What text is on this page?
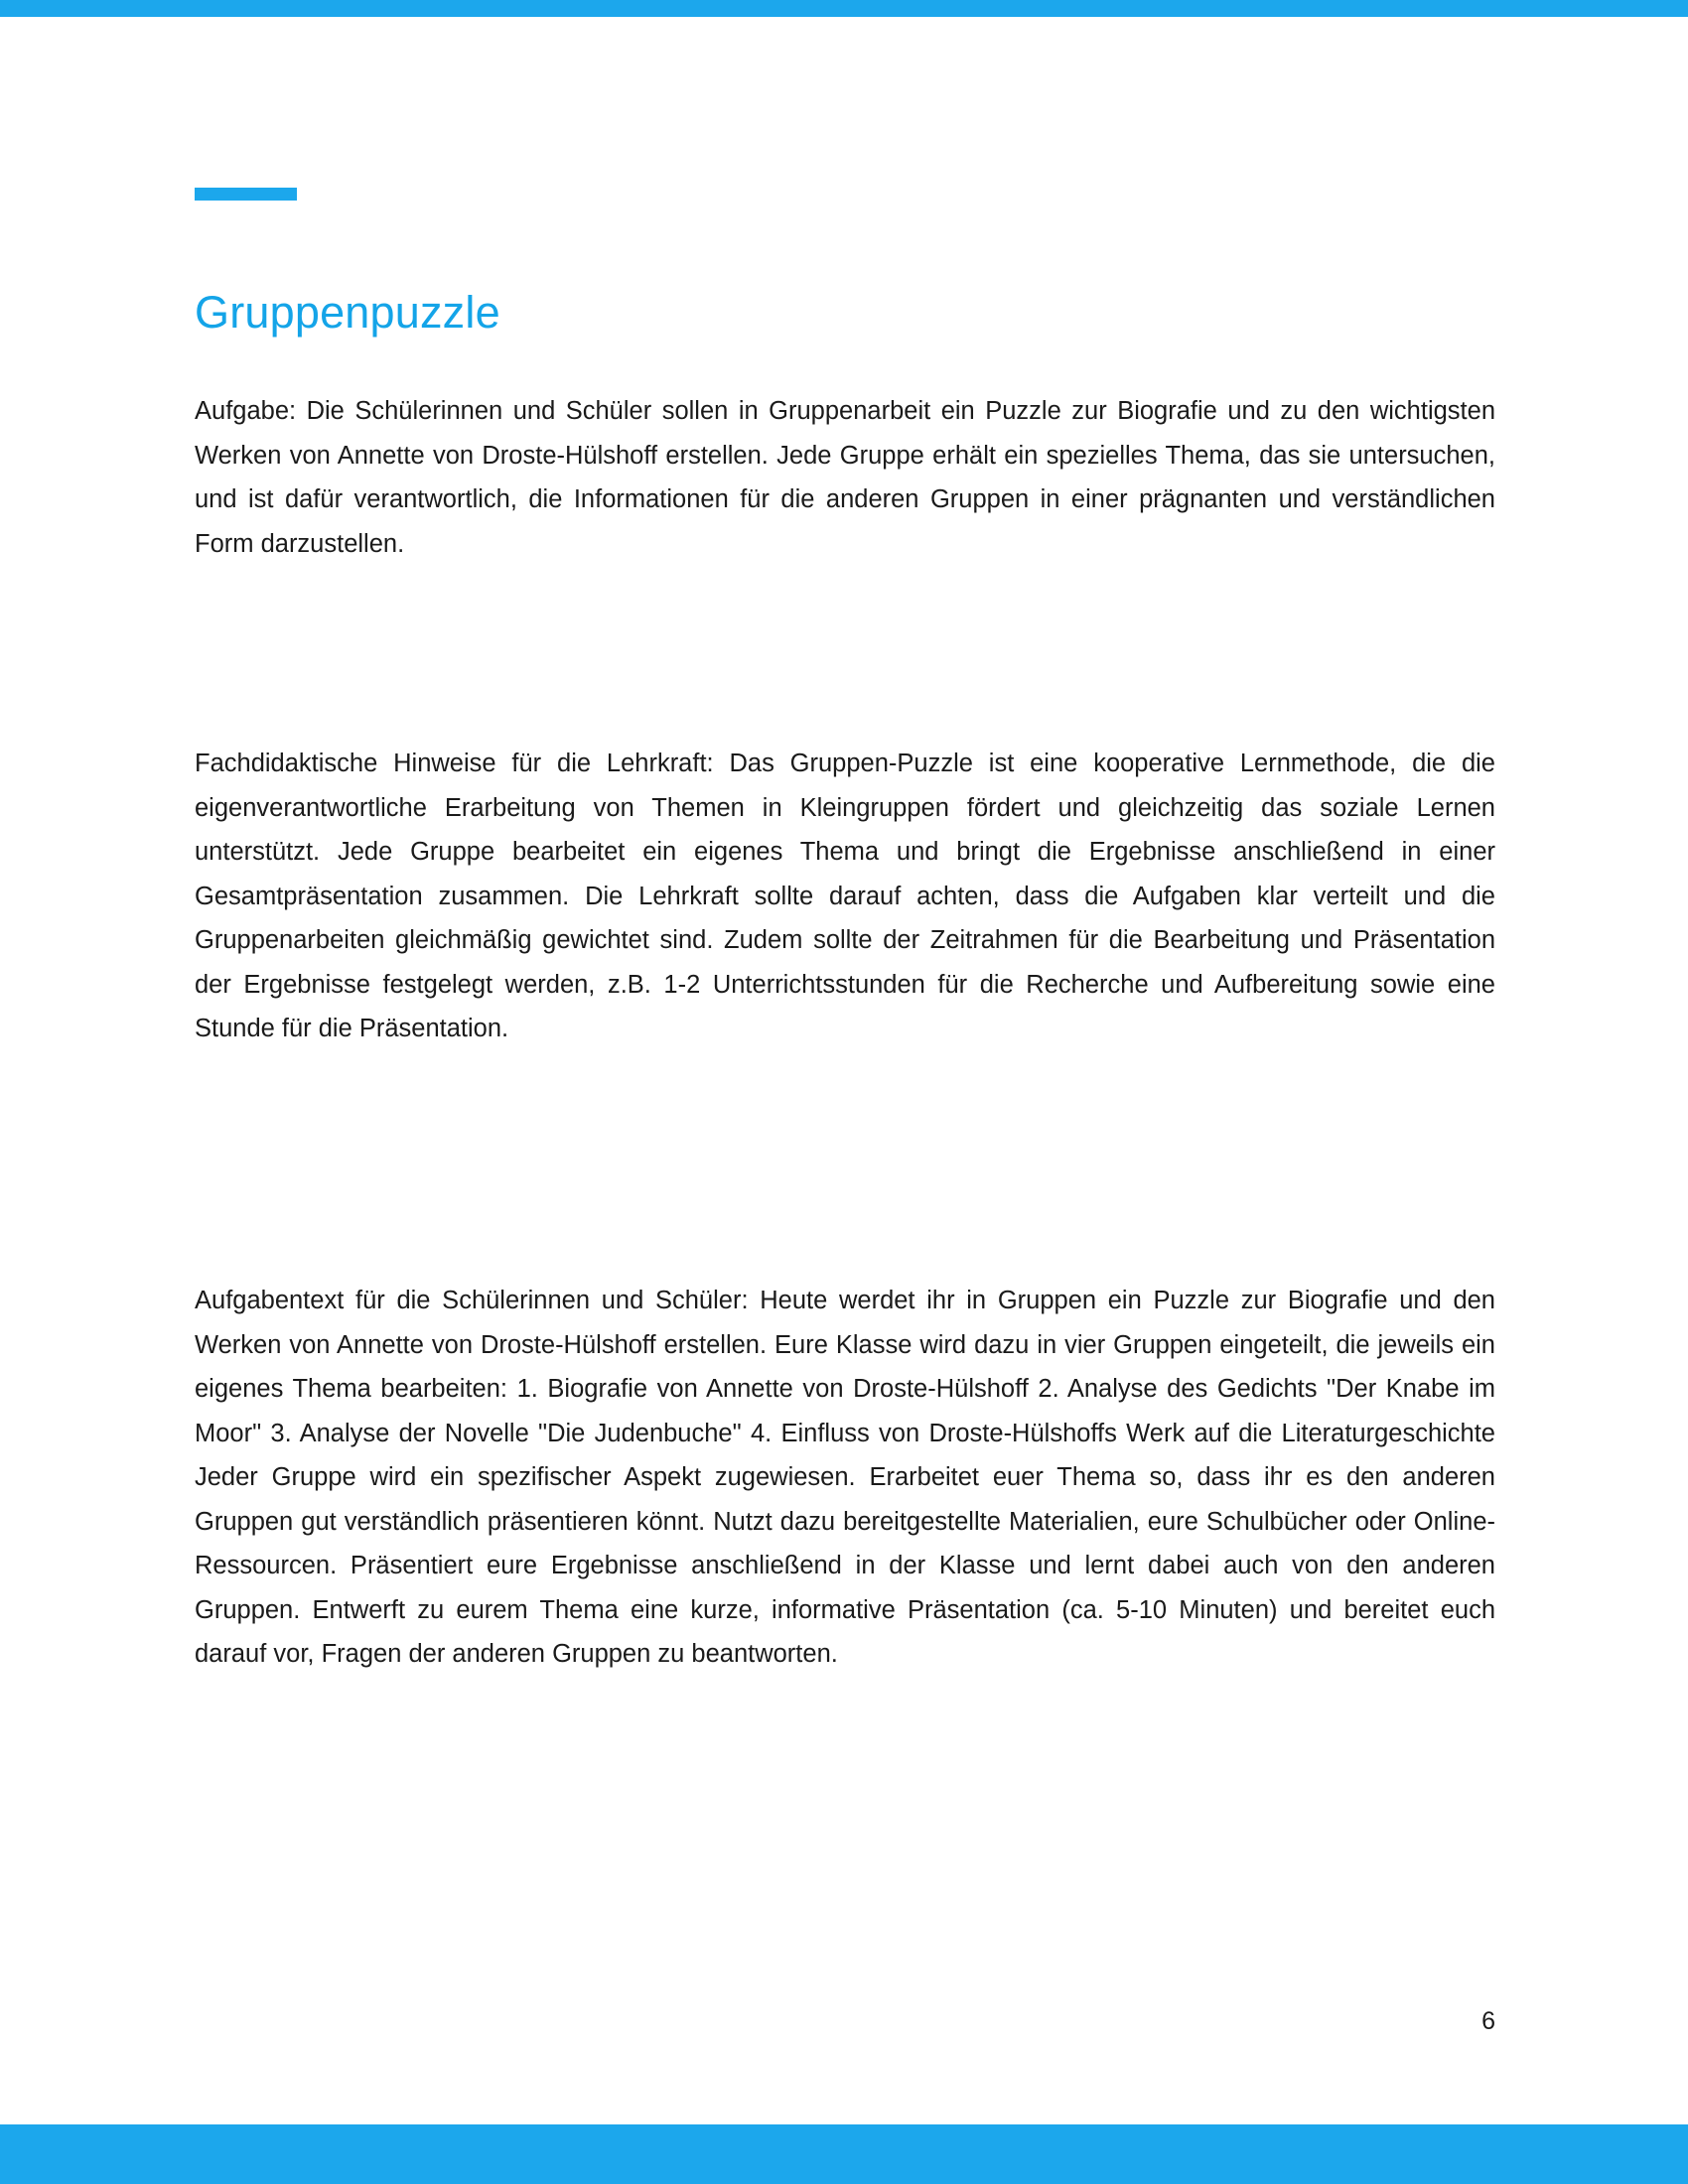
Gruppenpuzzle

Aufgabe: Die Schülerinnen und Schüler sollen in Gruppenarbeit ein Puzzle zur Biografie und zu den wichtigsten Werken von Annette von Droste-Hülshoff erstellen. Jede Gruppe erhält ein spezielles Thema, das sie untersuchen, und ist dafür verantwortlich, die Informationen für die anderen Gruppen in einer prägnanten und verständlichen Form darzustellen.

Fachdidaktische Hinweise für die Lehrkraft: Das Gruppen-Puzzle ist eine kooperative Lernmethode, die die eigenverantwortliche Erarbeitung von Themen in Kleingruppen fördert und gleichzeitig das soziale Lernen unterstützt. Jede Gruppe bearbeitet ein eigenes Thema und bringt die Ergebnisse anschließend in einer Gesamtpräsentation zusammen. Die Lehrkraft sollte darauf achten, dass die Aufgaben klar verteilt und die Gruppenarbeiten gleichmäßig gewichtet sind. Zudem sollte der Zeitrahmen für die Bearbeitung und Präsentation der Ergebnisse festgelegt werden, z.B. 1-2 Unterrichtsstunden für die Recherche und Aufbereitung sowie eine Stunde für die Präsentation.

Aufgabentext für die Schülerinnen und Schüler: Heute werdet ihr in Gruppen ein Puzzle zur Biografie und den Werken von Annette von Droste-Hülshoff erstellen. Eure Klasse wird dazu in vier Gruppen eingeteilt, die jeweils ein eigenes Thema bearbeiten: 1. Biografie von Annette von Droste-Hülshoff 2. Analyse des Gedichts "Der Knabe im Moor" 3. Analyse der Novelle "Die Judenbuche" 4. Einfluss von Droste-Hülshoffs Werk auf die Literaturgeschichte Jeder Gruppe wird ein spezifischer Aspekt zugewiesen. Erarbeitet euer Thema so, dass ihr es den anderen Gruppen gut verständlich präsentieren könnt. Nutzt dazu bereitgestellte Materialien, eure Schulbücher oder Online-Ressourcen. Präsentiert eure Ergebnisse anschließend in der Klasse und lernt dabei auch von den anderen Gruppen. Entwerft zu eurem Thema eine kurze, informative Präsentation (ca. 5-10 Minuten) und bereitet euch darauf vor, Fragen der anderen Gruppen zu beantworten.

6
